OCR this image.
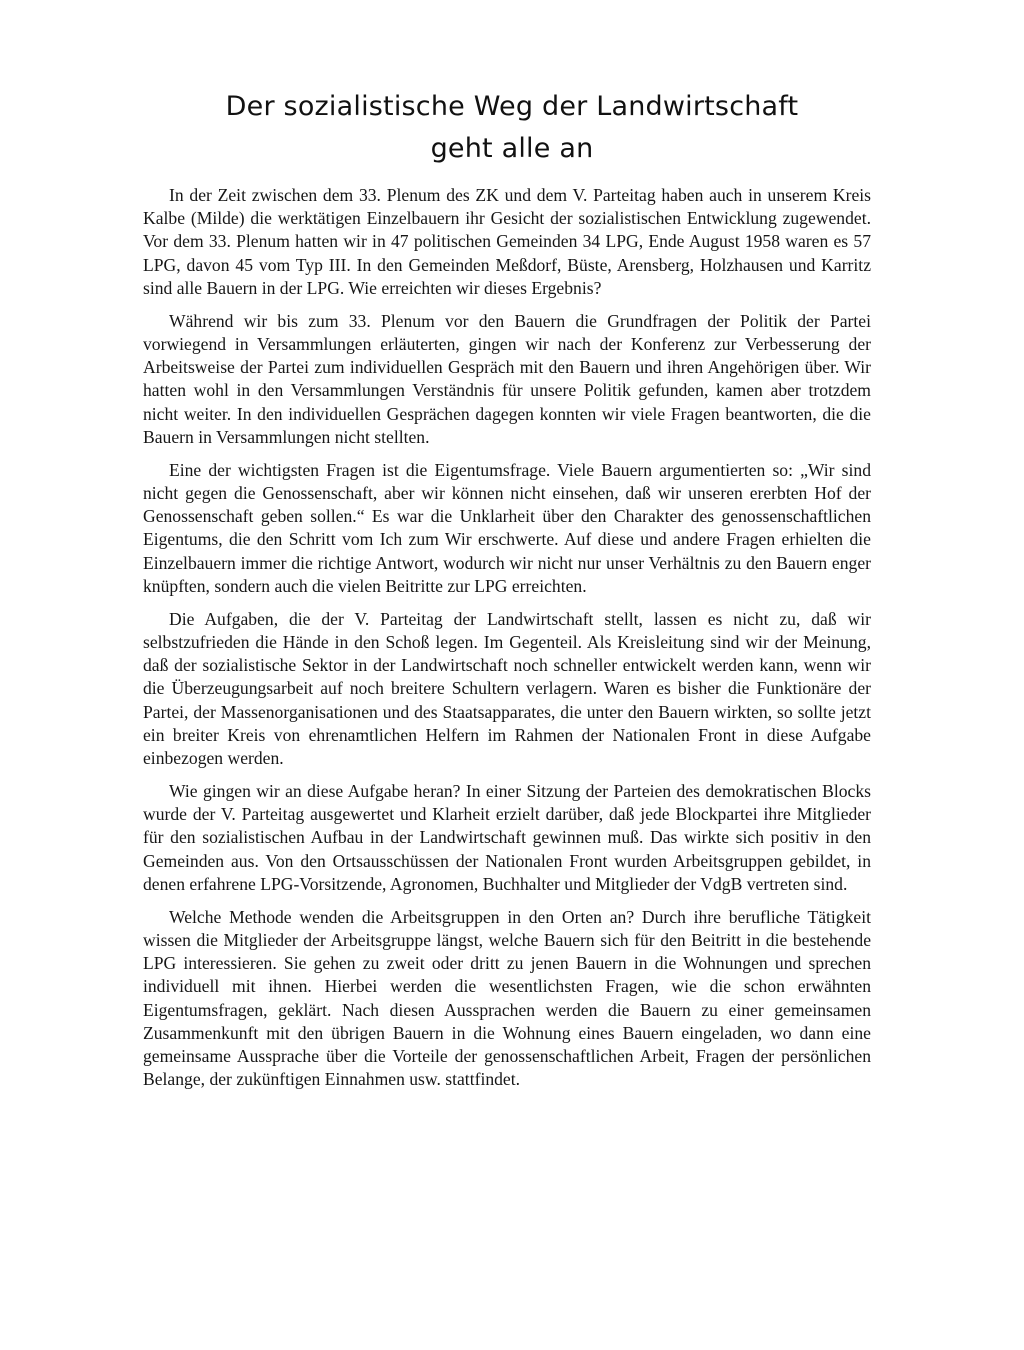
Der sozialistische Weg der Landwirtschaft
geht alle an

In der Zeit zwischen dem 33. Plenum des ZK und dem V. Parteitag haben auch in unserem Kreis Kalbe (Milde) die werktätigen Einzelbauern ihr Gesicht der sozialistischen Entwicklung zugewendet. Vor dem 33. Plenum hatten wir in 47 politischen Gemeinden 34 LPG, Ende August 1958 waren es 57 LPG, davon 45 vom Typ III. In den Gemeinden Meßdorf, Büste, Arensberg, Holzhausen und Karritz sind alle Bauern in der LPG. Wie erreichten wir dieses Ergebnis?

Während wir bis zum 33. Plenum vor den Bauern die Grundfragen der Politik der Partei vorwiegend in Versammlungen erläuterten, gingen wir nach der Konferenz zur Verbesserung der Arbeitsweise der Partei zum individuellen Gespräch mit den Bauern und ihren Angehörigen über. Wir hatten wohl in den Versammlungen Verständnis für unsere Politik gefunden, kamen aber trotzdem nicht weiter. In den individuellen Gesprächen dagegen konnten wir viele Fragen beantworten, die die Bauern in Versammlungen nicht stellten.

Eine der wichtigsten Fragen ist die Eigentumsfrage. Viele Bauern argumentierten so: „Wir sind nicht gegen die Genossenschaft, aber wir können nicht einsehen, daß wir unseren ererbten Hof der Genossenschaft geben sollen.“ Es war die Unklarheit über den Charakter des genossenschaftlichen Eigentums, die den Schritt vom Ich zum Wir erschwerte. Auf diese und andere Fragen erhielten die Einzelbauern immer die richtige Antwort, wodurch wir nicht nur unser Verhältnis zu den Bauern enger knüpften, sondern auch die vielen Beitritte zur LPG erreichten.

Die Aufgaben, die der V. Parteitag der Landwirtschaft stellt, lassen es nicht zu, daß wir selbstzufrieden die Hände in den Schoß legen. Im Gegenteil. Als Kreisleitung sind wir der Meinung, daß der sozialistische Sektor in der Landwirtschaft noch schneller entwickelt werden kann, wenn wir die Überzeugungsarbeit auf noch breitere Schultern verlagern. Waren es bisher die Funktionäre der Partei, der Massenorganisationen und des Staatsapparates, die unter den Bauern wirkten, so sollte jetzt ein breiter Kreis von ehrenamtlichen Helfern im Rahmen der Nationalen Front in diese Aufgabe einbezogen werden.

Wie gingen wir an diese Aufgabe heran? In einer Sitzung der Parteien des demokratischen Blocks wurde der V. Parteitag ausgewertet und Klarheit erzielt darüber, daß jede Blockpartei ihre Mitglieder für den sozialistischen Aufbau in der Landwirtschaft gewinnen muß. Das wirkte sich positiv in den Gemeinden aus. Von den Ortsausschüssen der Nationalen Front wurden Arbeitsgruppen gebildet, in denen erfahrene LPG-Vorsitzende, Agronomen, Buchhalter und Mitglieder der VdgB vertreten sind.

Welche Methode wenden die Arbeitsgruppen in den Orten an? Durch ihre berufliche Tätigkeit wissen die Mitglieder der Arbeitsgruppe längst, welche Bauern sich für den Beitritt in die bestehende LPG interessieren. Sie gehen zu zweit oder dritt zu jenen Bauern in die Wohnungen und sprechen individuell mit ihnen. Hierbei werden die wesentlichsten Fragen, wie die schon erwähnten Eigentumsfragen, geklärt. Nach diesen Aussprachen werden die Bauern zu einer gemeinsamen Zusammenkunft mit den übrigen Bauern in die Wohnung eines Bauern eingeladen, wo dann eine gemeinsame Aussprache über die Vorteile der genossenschaftlichen Arbeit, Fragen der persönlichen Belange, der zukünftigen Einnahmen usw. stattfindet.
